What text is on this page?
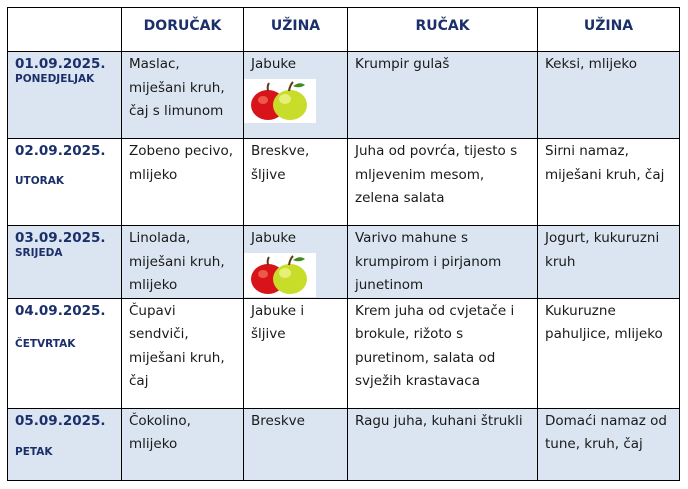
	DORUČAK	UŽINA	RUČAK	UŽINA

01.09.2025.
PONEDJELJAK	Maslac, miješani kruh, čaj s limunom	Jabuke	Krumpir gulaš	Keksi, mlijeko

02.09.2025.
UTORAK	Zobeno pecivo, mlijeko	Breskve, šljive	Juha od povrća, tijesto s mljevenim mesom, zelena salata	Sirni namaz, miješani kruh, čaj

03.09.2025.
SRIJEDA	Linolada, miješani kruh, mlijeko	Jabuke	Varivo mahune s krumpirom i pirjanom junetinom	Jogurt, kukuruzni kruh

04.09.2025.
ČETVRTAK	Čupavi sendviči, miješani kruh, čaj	Jabuke i šljive	Krem juha od cvjetače i brokule, rižoto s puretinom, salata od svježih krastavaca	Kukuruzne pahuljice, mlijeko

05.09.2025.
PETAK	Čokolino, mlijeko	Breskve	Ragu juha, kuhani štrukli	Domaći namaz od tune, kruh, čaj
